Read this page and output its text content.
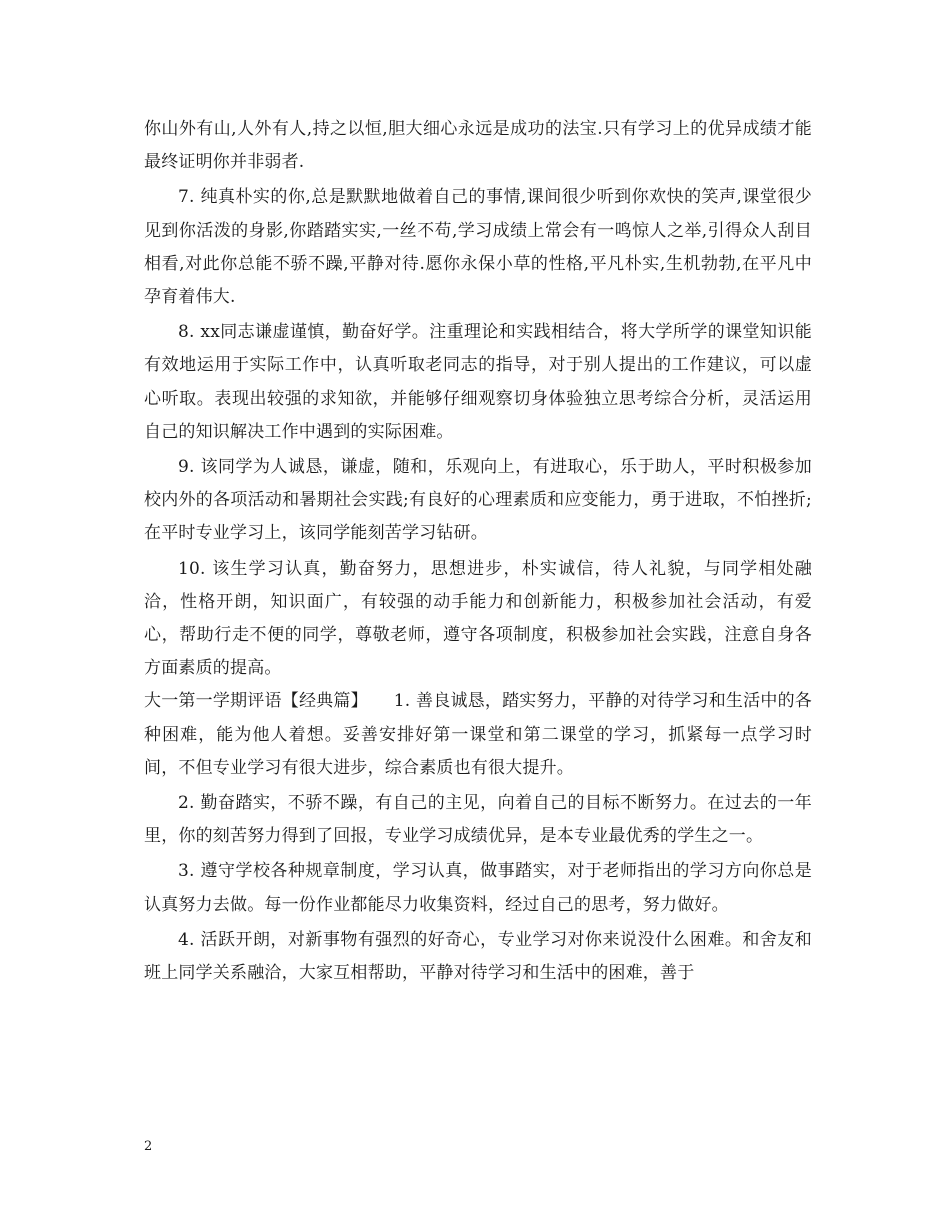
你山外有山,人外有人,持之以恒,胆大细心永远是成功的法宝.只有学习上的优异成绩才能最终证明你并非弱者.

7. 纯真朴实的你,总是默默地做着自己的事情,课间很少听到你欢快的笑声,课堂很少见到你活泼的身影,你踏踏实实,一丝不苟,学习成绩上常会有一鸣惊人之举,引得众人刮目相看,对此你总能不骄不躁,平静对待.愿你永保小草的性格,平凡朴实,生机勃勃,在平凡中孕育着伟大.

8. xx同志谦虚谨慎，勤奋好学。注重理论和实践相结合，将大学所学的课堂知识能有效地运用于实际工作中，认真听取老同志的指导，对于别人提出的工作建议，可以虚心听取。表现出较强的求知欲，并能够仔细观察切身体验独立思考综合分析，灵活运用自己的知识解决工作中遇到的实际困难。

9. 该同学为人诚恳，谦虚，随和，乐观向上，有进取心，乐于助人，平时积极参加校内外的各项活动和暑期社会实践;有良好的心理素质和应变能力，勇于进取，不怕挫折;在平时专业学习上，该同学能刻苦学习钻研。

10. 该生学习认真，勤奋努力，思想进步，朴实诚信，待人礼貌，与同学相处融洽，性格开朗，知识面广，有较强的动手能力和创新能力，积极参加社会活动，有爱心，帮助行走不便的同学，尊敬老师，遵守各项制度，积极参加社会实践，注意自身各方面素质的提高。

大一第一学期评语【经典篇】　　 1. 善良诚恳，踏实努力，平静的对待学习和生活中的各种困难，能为他人着想。妥善安排好第一课堂和第二课堂的学习，抓紧每一点学习时间，不但专业学习有很大进步，综合素质也有很大提升。

2. 勤奋踏实，不骄不躁，有自己的主见，向着自己的目标不断努力。在过去的一年里，你的刻苦努力得到了回报，专业学习成绩优异，是本专业最优秀的学生之一。

3. 遵守学校各种规章制度，学习认真，做事踏实，对于老师指出的学习方向你总是认真努力去做。每一份作业都能尽力收集资料，经过自己的思考，努力做好。

4. 活跃开朗，对新事物有强烈的好奇心，专业学习对你来说没什么困难。和舍友和班上同学关系融洽，大家互相帮助，平静对待学习和生活中的困难，善于

2
